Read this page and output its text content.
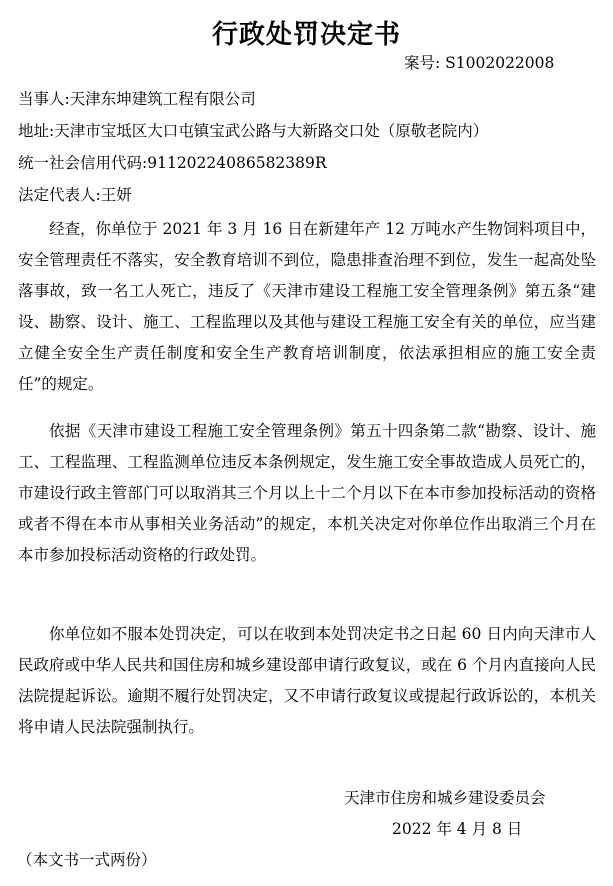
行政处罚决定书
案号: S1002022008
当事人:天津东坤建筑工程有限公司
地址:天津市宝坻区大口屯镇宝武公路与大新路交口处（原敬老院内）
统一社会信用代码:91120224086582389R
法定代表人:王妍

经查，你单位于 2021 年 3 月 16 日在新建年产 12 万吨水产生物饲料项目中，安全管理责任不落实，安全教育培训不到位，隐患排查治理不到位，发生一起高处坠落事故，致一名工人死亡，违反了《天津市建设工程施工安全管理条例》第五条“建设、勘察、设计、施工、工程监理以及其他与建设工程施工安全有关的单位，应当建立健全安全生产责任制度和安全生产教育培训制度，依法承担相应的施工安全责任”的规定。

依据《天津市建设工程施工安全管理条例》第五十四条第二款“勘察、设计、施工、工程监理、工程监测单位违反本条例规定，发生施工安全事故造成人员死亡的，市建设行政主管部门可以取消其三个月以上十二个月以下在本市参加投标活动的资格或者不得在本市从事相关业务活动”的规定，本机关决定对你单位作出取消三个月在本市参加投标活动资格的行政处罚。

你单位如不服本处罚决定，可以在收到本处罚决定书之日起 60 日内向天津市人民政府或中华人民共和国住房和城乡建设部申请行政复议，或在 6 个月内直接向人民法院提起诉讼。逾期不履行处罚决定，又不申请行政复议或提起行政诉讼的，本机关将申请人民法院强制执行。

天津市住房和城乡建设委员会
2022 年 4 月 8 日
（本文书一式两份）
